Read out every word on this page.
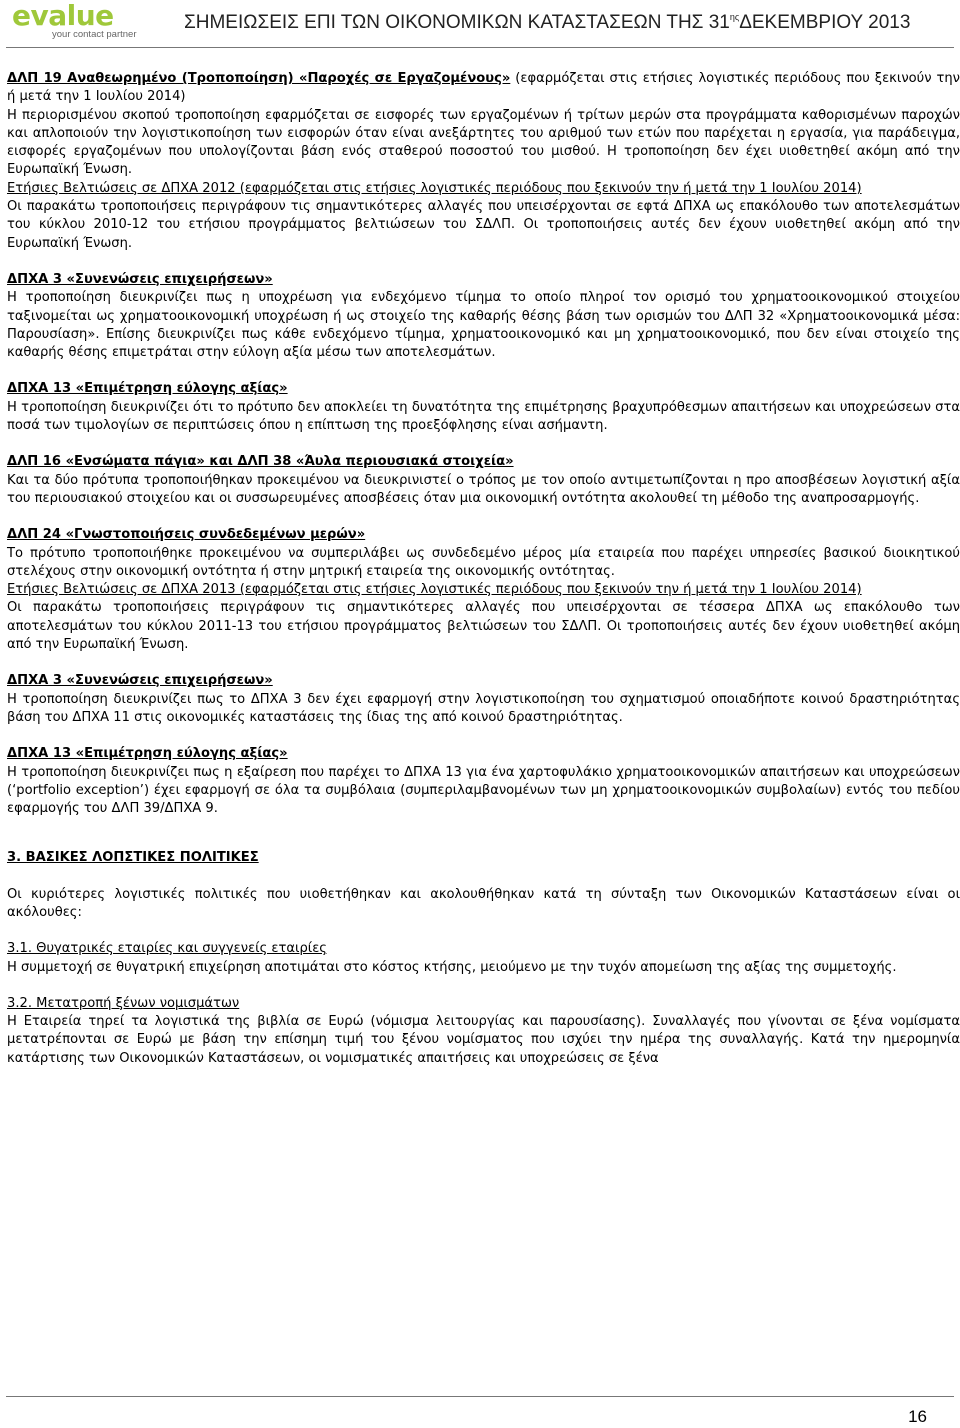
evalue
your contact partner
ΣΗΜΕΙΩΣΕΙΣ ΕΠΙ ΤΩΝ ΟΙΚΟΝΟΜΙΚΩΝ ΚΑΤΑΣΤΑΣΕΩΝ ΤΗΣ $31^{\eta\varsigma}\Delta EKEMBPIO\Upsilon$ 2013

ΔΛΠ 19 Αναθεωρημένο (Τροποποίηση) «Παροχές σε Εργαζομένους» (εφαρμόζεται στις ετήσιες λογιστικές περιόδους που ξεκινούν την ή μετά την 1 Ιουλίου 2014)

Η περιορισμένου σκοπού τροποποίηση εφαρμόζεται σε εισφορές των εργαζομένων ή τρίτων μερών στα προγράμματα καθορισμένων παροχών και απλοποιούν την λογιστικοποίηση των εισφορών όταν είναι ανεξάρτητες του αριθμού των ετών που παρέχεται η εργασία, για παράδειγμα, εισφορές εργαζομένων που υπολογίζονται βάση ενός σταθερού ποσοστού του μισθού. Η τροποποίηση δεν έχει υιοθετηθεί ακόμη από την Ευρωπαϊκή Ένωση.

Ετήσιες Βελτιώσεις σε ΔΠΧΑ 2012 (εφαρμόζεται στις ετήσιες λογιστικές περιόδους που ξεκινούν την ή μετά την 1 Ιουλίου 2014)

Οι παρακάτω τροποποιήσεις περιγράφουν τις σημαντικότερες αλλαγές που υπεισέρχονται σε εφτά ΔΠΧΑ ως επακόλουθο των αποτελεσμάτων του κύκλου 2010-12 του ετήσιου προγράμματος βελτιώσεων του ΣΔΛΠ. Οι τροποποιήσεις αυτές δεν έχουν υιοθετηθεί ακόμη από την Ευρωπαϊκή Ένωση.

ΔΠΧΑ 3 «Συνενώσεις επιχειρήσεων»

Η τροποποίηση διευκρινίζει πως η υποχρέωση για ενδεχόμενο τίμημα το οποίο πληροί τον ορισμό του χρηματοοικονομικού στοιχείου ταξινομείται ως χρηματοοικονομική υποχρέωση ή ως στοιχείο της καθαρής θέσης βάση των ορισμών του ΔΛΠ 32 «Χρηματοοικονομικά μέσα: Παρουσίαση». Επίσης διευκρινίζει πως κάθε ενδεχόμενο τίμημα, χρηματοοικονομικό και μη χρηματοοικονομικό, που δεν είναι στοιχείο της καθαρής θέσης επιμετράται στην εύλογη αξία μέσω των αποτελεσμάτων.

ΔΠΧΑ 13 «Επιμέτρηση εύλογης αξίας»

Η τροποποίηση διευκρινίζει ότι το πρότυπο δεν αποκλείει τη δυνατότητα της επιμέτρησης βραχυπρόθεσμων απαιτήσεων και υποχρεώσεων στα ποσά των τιμολογίων σε περιπτώσεις όπου η επίπτωση της προεξόφλησης είναι ασήμαντη.

ΔΛΠ 16 «Ενσώματα πάγια» και ΔΛΠ 38 «Άυλα περιουσιακά στοιχεία»

Και τα δύο πρότυπα τροποποιήθηκαν προκειμένου να διευκρινιστεί ο τρόπος με τον οποίο αντιμετωπίζονται η προ αποσβέσεων λογιστική αξία του περιουσιακού στοιχείου και οι συσσωρευμένες αποσβέσεις όταν μια οικονομική οντότητα ακολουθεί τη μέθοδο της αναπροσαρμογής.

ΔΛΠ 24 «Γνωστοποιήσεις συνδεδεμένων μερών»

Το πρότυπο τροποποιήθηκε προκειμένου να συμπεριλάβει ως συνδεδεμένο μέρος μία εταιρεία που παρέχει υπηρεσίες βασικού διοικητικού στελέχους στην οικονομική οντότητα ή στην μητρική εταιρεία της οικονομικής οντότητας.

Ετήσιες Βελτιώσεις σε ΔΠΧΑ 2013 (εφαρμόζεται στις ετήσιες λογιστικές περιόδους που ξεκινούν την ή μετά την 1 Ιουλίου 2014)

Οι παρακάτω τροποποιήσεις περιγράφουν τις σημαντικότερες αλλαγές που υπεισέρχονται σε τέσσερα ΔΠΧΑ ως επακόλουθο των αποτελεσμάτων του κύκλου 2011-13 του ετήσιου προγράμματος βελτιώσεων του ΣΔΛΠ. Οι τροποποιήσεις αυτές δεν έχουν υιοθετηθεί ακόμη από την Ευρωπαϊκή Ένωση.

ΔΠΧΑ 3 «Συνενώσεις επιχειρήσεων»

Η τροποποίηση διευκρινίζει πως το ΔΠΧΑ 3 δεν έχει εφαρμογή στην λογιστικοποίηση του σχηματισμού οποιαδήποτε κοινού δραστηριότητας βάση του ΔΠΧΑ 11 στις οικονομικές καταστάσεις της ίδιας της από κοινού δραστηριότητας.

ΔΠΧΑ 13 «Επιμέτρηση εύλογης αξίας»

Η τροποποίηση διευκρινίζει πως η εξαίρεση που παρέχει το ΔΠΧΑ 13 για ένα χαρτοφυλάκιο χρηματοοικονομικών απαιτήσεων και υποχρεώσεων (‘portfolio exception’) έχει εφαρμογή σε όλα τα συμβόλαια (συμπεριλαμβανομένων των μη χρηματοοικονομικών συμβολαίων) εντός του πεδίου εφαρμογής του ΔΛΠ 39/ΔΠΧΑ 9.

3. ΒΑΣΙΚΕΣ ΛΟΠΣΤΙΚΕΣ ΠΟΛΙΤΙΚΕΣ

Οι κυριότερες λογιστικές πολιτικές που υιοθετήθηκαν και ακολουθήθηκαν κατά τη σύνταξη των Οικονομικών Καταστάσεων είναι οι ακόλουθες:

3.1. Θυγατρικές εταιρίες και συγγενείς εταιρίες

Η συμμετοχή σε θυγατρική επιχείρηση αποτιμάται στο κόστος κτήσης, μειούμενο με την τυχόν απομείωση της αξίας της συμμετοχής.

3.2. Μετατροπή ξένων νομισμάτων

Η Εταιρεία τηρεί τα λογιστικά της βιβλία σε Ευρώ (νόμισμα λειτουργίας και παρουσίασης). Συναλλαγές που γίνονται σε ξένα νομίσματα μετατρέπονται σε Ευρώ με βάση την επίσημη τιμή του ξένου νομίσματος που ισχύει την ημέρα της συναλλαγής. Κατά την ημερομηνία κατάρτισης των Οικονομικών Καταστάσεων, οι νομισματικές απαιτήσεις και υποχρεώσεις σε ξένα

16
